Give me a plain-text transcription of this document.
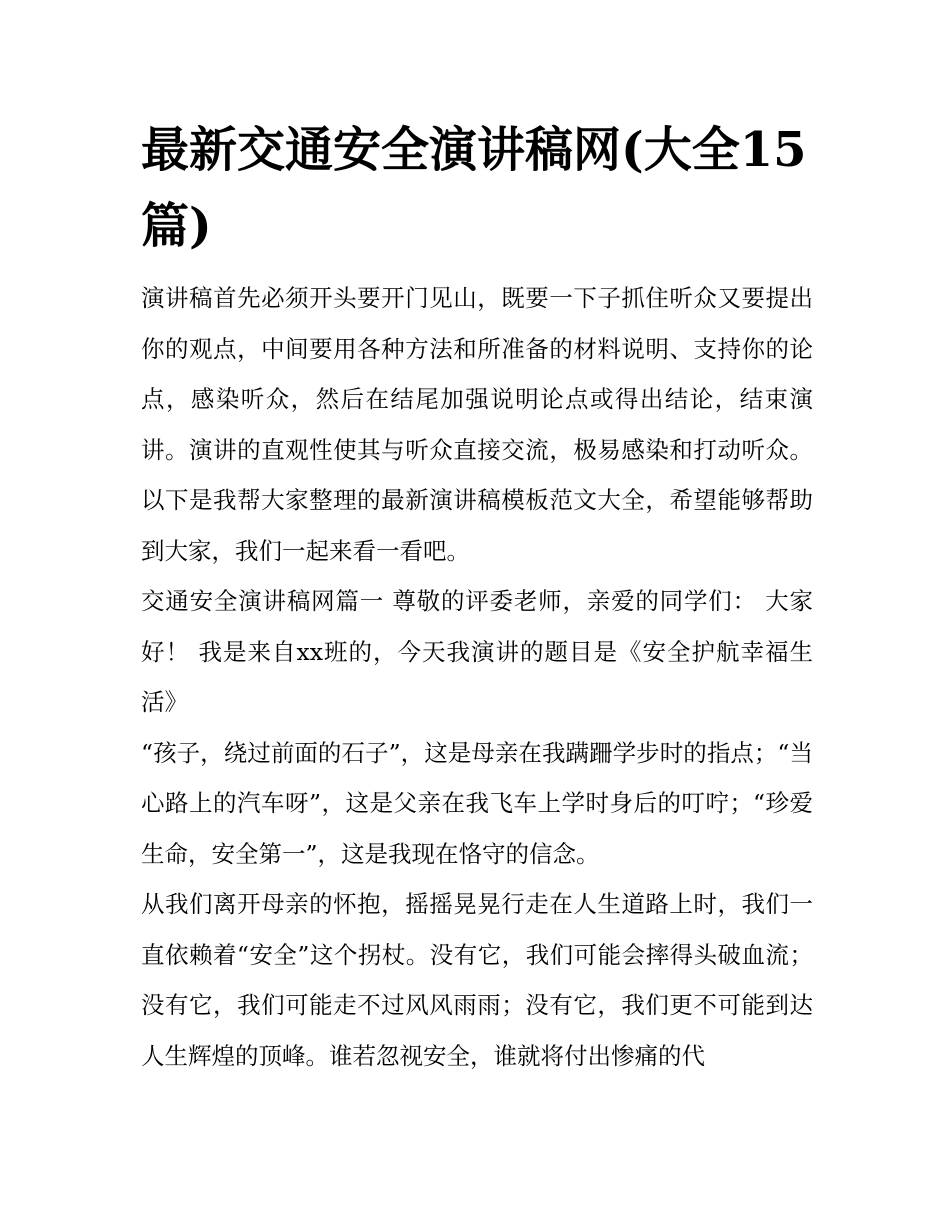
最新交通安全演讲稿网(大全15篇)

演讲稿首先必须开头要开门见山，既要一下子抓住听众又要提出你的观点，中间要用各种方法和所准备的材料说明、支持你的论点，感染听众，然后在结尾加强说明论点或得出结论，结束演讲。演讲的直观性使其与听众直接交流，极易感染和打动听众。以下是我帮大家整理的最新演讲稿模板范文大全，希望能够帮助到大家，我们一起来看一看吧。

交通安全演讲稿网篇一 尊敬的评委老师，亲爱的同学们： 大家好！ 我是来自xx班的，今天我演讲的题目是《安全护航幸福生活》

“孩子，绕过前面的石子”，这是母亲在我蹒跚学步时的指点；“当心路上的汽车呀”，这是父亲在我飞车上学时身后的叮咛；“珍爱生命，安全第一”，这是我现在恪守的信念。

从我们离开母亲的怀抱，摇摇晃晃行走在人生道路上时，我们一直依赖着“安全”这个拐杖。没有它，我们可能会摔得头破血流；没有它，我们可能走不过风风雨雨；没有它，我们更不可能到达人生辉煌的顶峰。谁若忽视安全，谁就将付出惨痛的代
